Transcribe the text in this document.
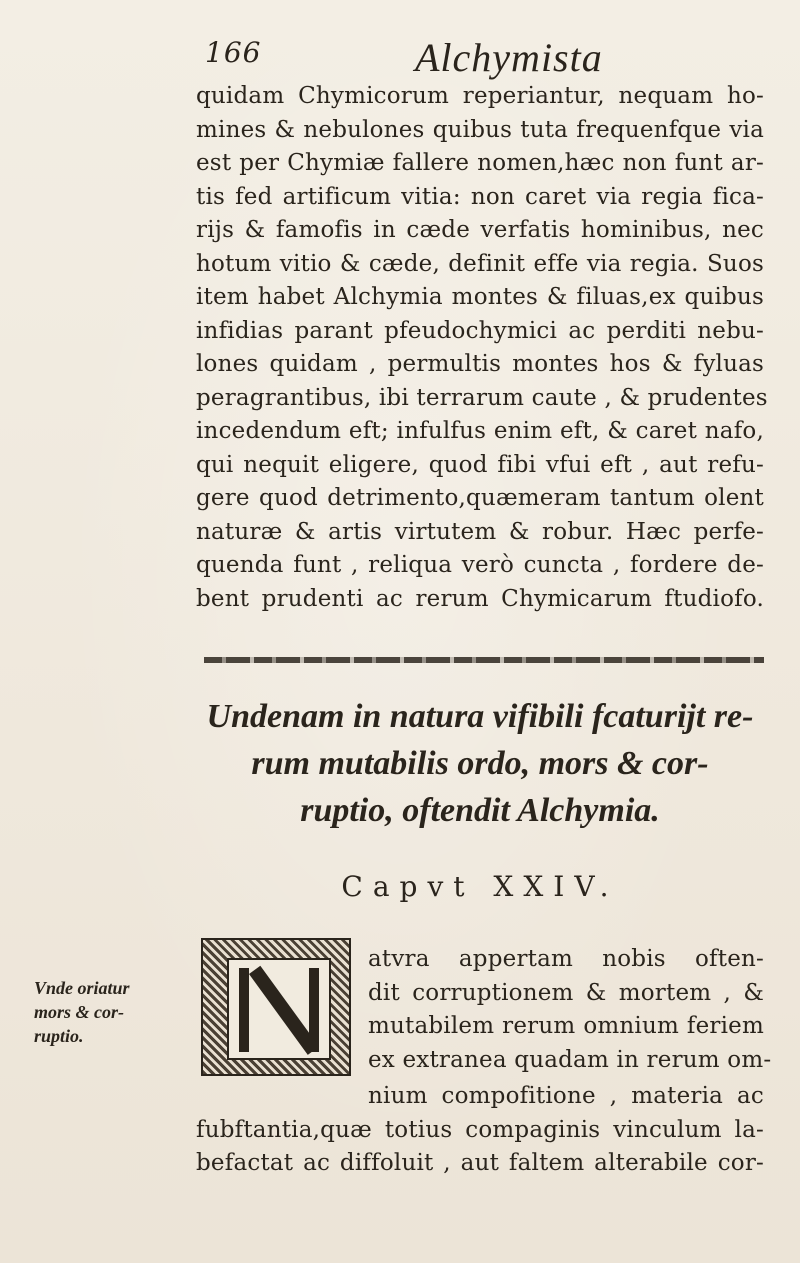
166	Alchymista
quidam Chymicorum reperiantur, nequam ho-
mines & nebulones quibus tuta frequenfque via
est per Chymiæ fallere nomen,hæc non funt ar-
tis fed artificum vitia: non caret via regia fica-
rijs & famofis in cæde verfatis hominibus, nec
hotum vitio & cæde, definit effe via regia. Suos
item habet Alchymia montes & filuas,ex quibus
infidias parant pfeudochymici ac perditi nebu-
lones quidam , permultis montes hos & fyluas
peragrantibus, ibi terrarum caute , & prudentes
incedendum eft; infulfus enim eft, & caret nafo,
qui nequit eligere, quod fibi vfui eft , aut refu-
gere quod detrimento,quæmeram tantum olent
naturæ & artis virtutem & robur. Hæc perfe-
quenda funt , reliqua verò cuncta , fordere de-
bent prudenti ac rerum Chymicarum ftudiofo.
Undenam in natura vifibili fcaturijt re-
rum mutabilis ordo, mors & cor-
ruptio, oftendit Alchymia.
Capvt XXIV.
Vnde oriatur
mors & cor-
ruptio.
atvra appertam nobis often-
dit corruptionem & mortem , &
mutabilem rerum omnium feriem
ex extranea quadam in rerum om-
nium compofitione , materia ac
fubftantia,quæ totius compaginis vinculum la-
befactat ac diffoluit , aut faltem alterabile cor-
